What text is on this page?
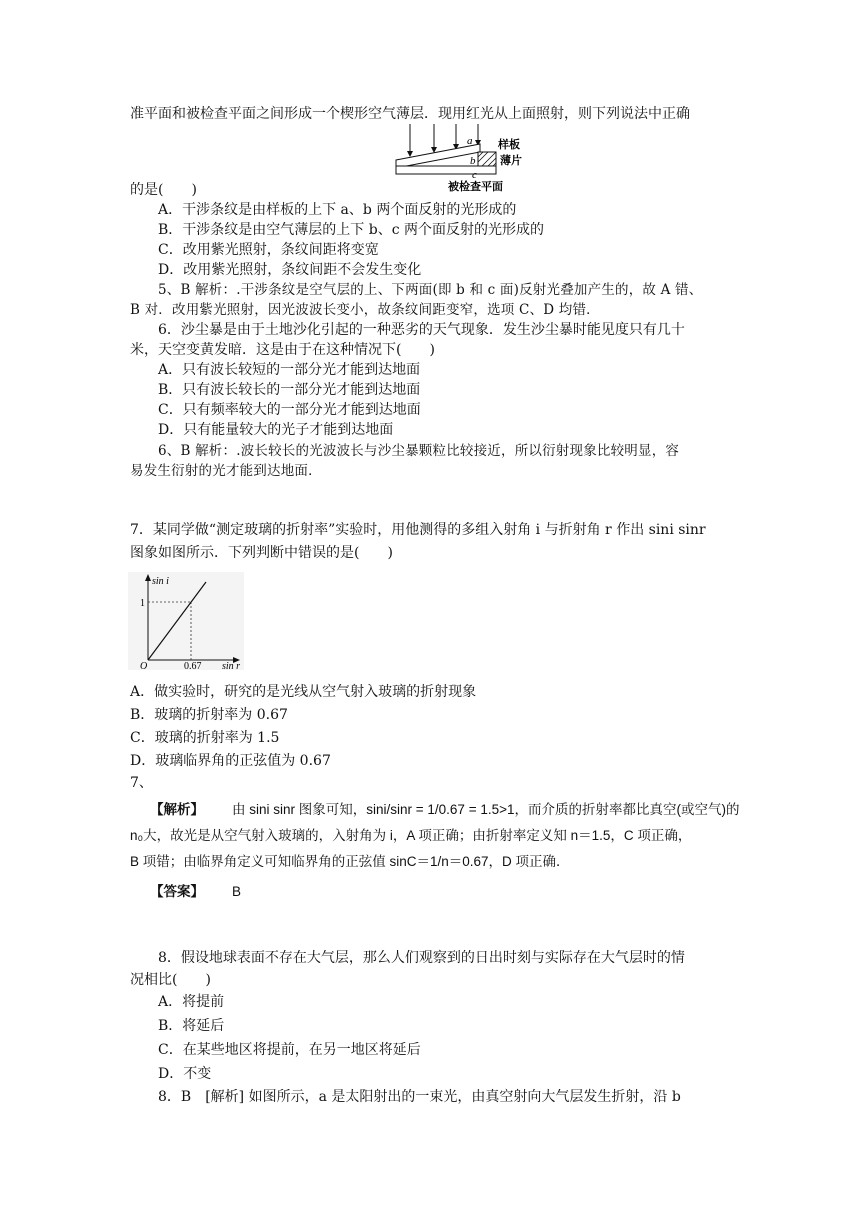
准平面和被检查平面之间形成一个楔形空气薄层．现用红光从上面照射，则下列说法中正确
a
b
c
样板
薄片
被检查平面
的是(　　)
A．干涉条纹是由样板的上下 a、b 两个面反射的光形成的
B．干涉条纹是由空气薄层的上下 b、c 两个面反射的光形成的
C．改用紫光照射，条纹间距将变宽
D．改用紫光照射，条纹间距不会发生变化
5、B 解析：.干涉条纹是空气层的上、下两面(即 b 和 c 面)反射光叠加产生的，故 A 错、
B 对．改用紫光照射，因光波波长变小，故条纹间距变窄，选项 C、D 均错．
6．沙尘暴是由于土地沙化引起的一种恶劣的天气现象．发生沙尘暴时能见度只有几十
米，天空变黄发暗．这是由于在这种情况下(　　)
A．只有波长较短的一部分光才能到达地面
B．只有波长较长的一部分光才能到达地面
C．只有频率较大的一部分光才能到达地面
D．只有能量较大的光子才能到达地面
6、B 解析：.波长较长的光波波长与沙尘暴颗粒比较接近，所以衍射现象比较明显，容
易发生衍射的光才能到达地面．
7．某同学做“测定玻璃的折射率”实验时，用他测得的多组入射角 i 与折射角 r 作出 sini sinr
图象如图所示．下列判断中错误的是(　　)
sin i
sin r
1
0.67
O
A．做实验时，研究的是光线从空气射入玻璃的折射现象
B．玻璃的折射率为 0.67
C．玻璃的折射率为 1.5
D．玻璃临界角的正弦值为 0.67
7、
【解析】 由 sini sinr 图象可知，sini/sinr = 1/0.67 = 1.5>1，而介质的折射率都比真空(或空气)的
n₀大，故光是从空气射入玻璃的，入射角为 i，A 项正确；由折射率定义知 n＝1.5，C 项正确，
B 项错；由临界角定义可知临界角的正弦值 sinC＝1/n＝0.67，D 项正确．
【答案】 B
8．假设地球表面不存在大气层，那么人们观察到的日出时刻与实际存在大气层时的情
况相比(　　)
A．将提前
B．将延后
C．在某些地区将提前，在另一地区将延后
D．不变
8．B　[解析] 如图所示，a 是太阳射出的一束光，由真空射向大气层发生折射，沿 b
